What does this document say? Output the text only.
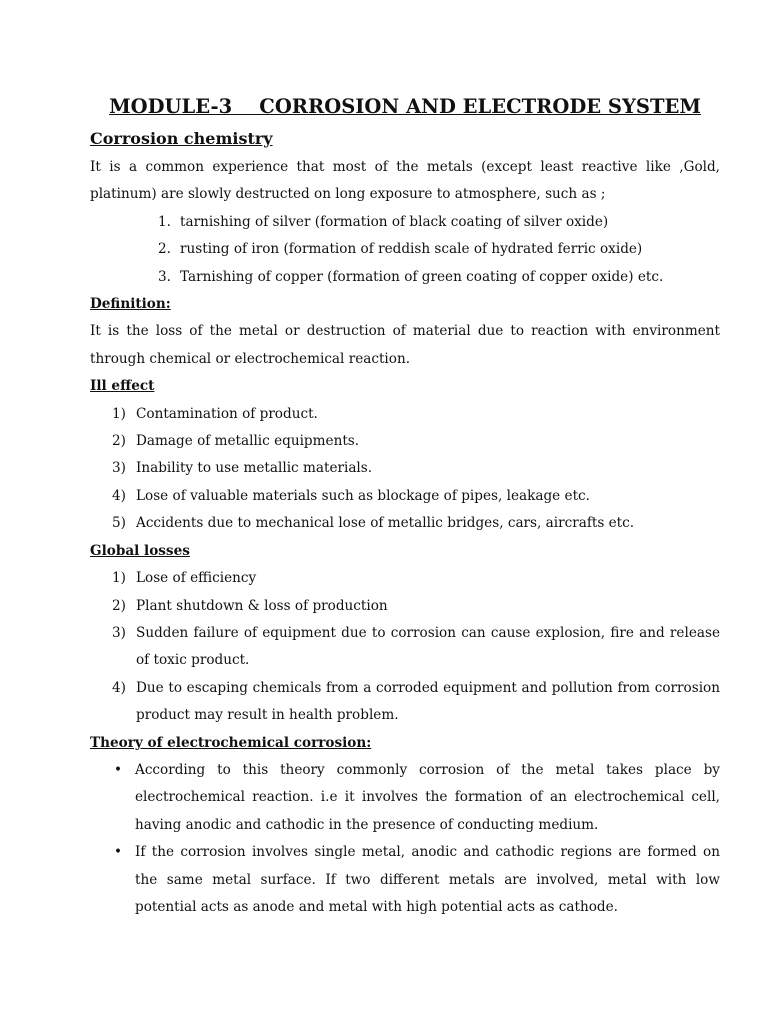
MODULE-3    CORROSION AND ELECTRODE SYSTEM
Corrosion chemistry

It is a common experience that most of the metals (except least reactive like ,Gold, platinum) are slowly destructed on long exposure to atmosphere, such as ;

1. tarnishing of silver (formation of black coating of silver oxide)
2. rusting of iron (formation of reddish scale of hydrated ferric oxide)
3. Tarnishing of copper (formation of green coating of copper oxide) etc.
Definition:

It is the loss of the metal or destruction of material due to reaction with environment through chemical or electrochemical reaction.

Ill effect
1) Contamination of product.
2) Damage of metallic equipments.
3) Inability to use metallic materials.
4) Lose of valuable materials such as blockage of pipes, leakage etc.
5) Accidents due to mechanical lose of metallic bridges, cars, aircrafts etc.
Global losses
1) Lose of efficiency
2) Plant shutdown & loss of production
3) Sudden failure of equipment due to corrosion can cause explosion, fire and release of toxic product.
4) Due to escaping chemicals from a corroded equipment and pollution from corrosion product may result in health problem.
Theory of electrochemical corrosion:
• According to this theory commonly corrosion of the metal takes place by electrochemical reaction. i.e it involves the formation of an electrochemical cell, having anodic and cathodic in the presence of conducting medium.
• If the corrosion involves single metal, anodic and cathodic regions are formed on the same metal surface. If two different metals are involved, metal with low potential acts as anode and metal with high potential acts as cathode.
